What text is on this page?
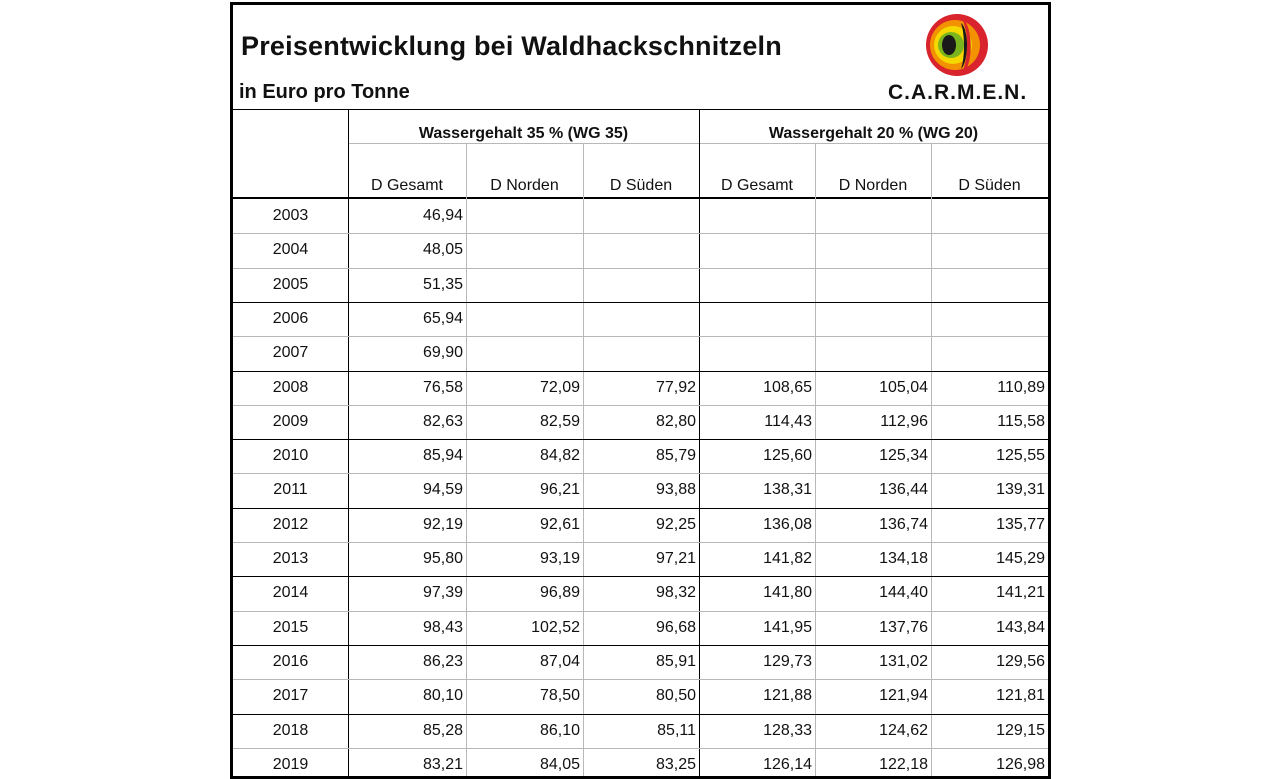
Preisentwicklung bei Waldhackschnitzeln
in Euro pro Tonne	C.A.R.M.E.N.
Wassergehalt 35 % (WG 35)	Wassergehalt 20 % (WG 20)
D Gesamt	D Norden	D Süden	D Gesamt	D Norden	D Süden
2003	46,94
2004	48,05
2005	51,35
2006	65,94
2007	69,90
2008	76,58	72,09	77,92	108,65	105,04	110,89
2009	82,63	82,59	82,80	114,43	112,96	115,58
2010	85,94	84,82	85,79	125,60	125,34	125,55
2011	94,59	96,21	93,88	138,31	136,44	139,31
2012	92,19	92,61	92,25	136,08	136,74	135,77
2013	95,80	93,19	97,21	141,82	134,18	145,29
2014	97,39	96,89	98,32	141,80	144,40	141,21
2015	98,43	102,52	96,68	141,95	137,76	143,84
2016	86,23	87,04	85,91	129,73	131,02	129,56
2017	80,10	78,50	80,50	121,88	121,94	121,81
2018	85,28	86,10	85,11	128,33	124,62	129,15
2019	83,21	84,05	83,25	126,14	122,18	126,98
